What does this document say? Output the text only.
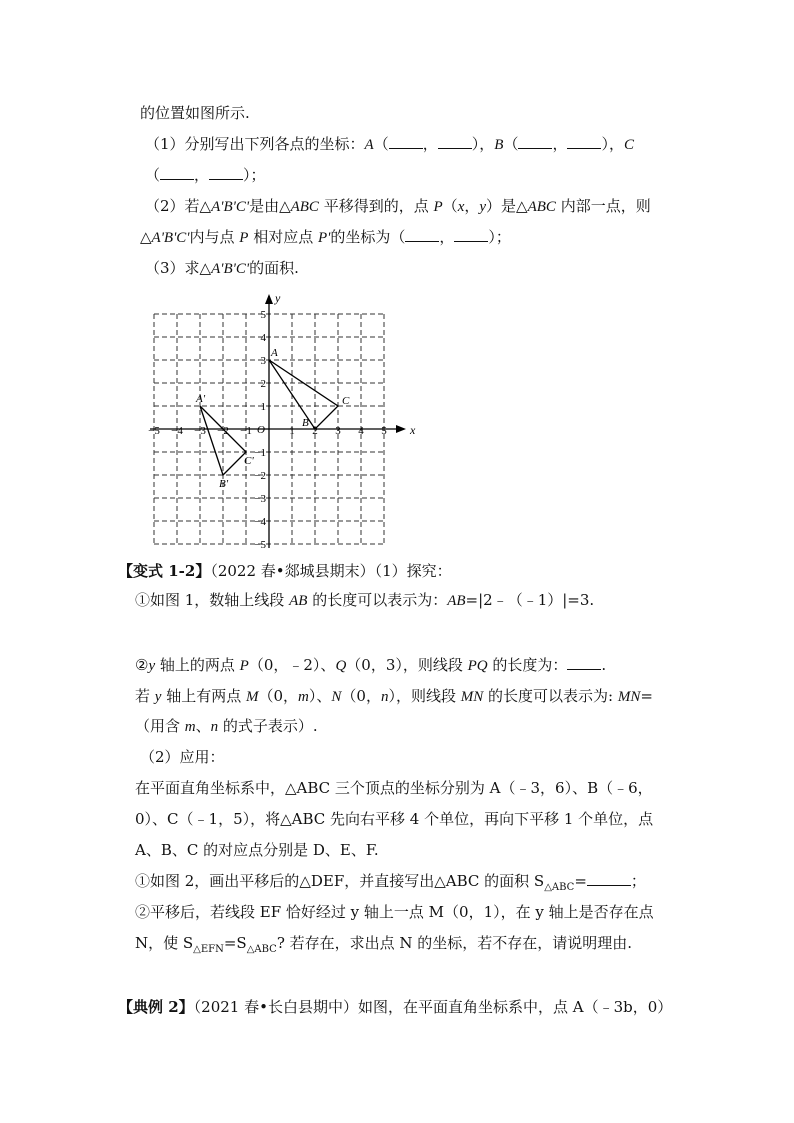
的位置如图所示.
（1）分别写出下列各点的坐标：A（ ， ），B（ ， ），C
（ ， ）；
（2）若△A'B'C'是由△ABC 平移得到的，点 P（x，y）是△ABC 内部一点，则
△A'B'C'内与点 P 相对应点 P'的坐标为（ ， ）；
（3）求△A'B'C'的面积.
x
y
−5 −4 −3 −2 −1	1 2 3 4 5
5
4
3
2
1
−1
−2
−3
−4
−5
O
A
B
C
A'
B'
C'
【变式 1-2】（2022 春•郯城县期末）（1）探究：
①如图 1，数轴上线段 AB 的长度可以表示为：AB=|2﹣（﹣1）|=3.
②y 轴上的两点 P（0，﹣2）、Q（0，3），则线段 PQ 的长度为： .
若 y 轴上有两点 M（0，m）、N（0，n），则线段 MN 的长度可以表示为: MN=
（用含 m、n 的式子表示）.
（2）应用：
在平面直角坐标系中，△ABC 三个顶点的坐标分别为 A（﹣3，6）、B（﹣6，
0）、C（﹣1，5），将△ABC 先向右平移 4 个单位，再向下平移 1 个单位，点
A、B、C 的对应点分别是 D、E、F.
①如图 2，画出平移后的△DEF，并直接写出△ABC 的面积 $S_{\triangle ABC}=$	；
②平移后，若线段 EF 恰好经过 y 轴上一点 M（0，1），在 y 轴上是否存在点
N，使 $S_{\triangle EFN}=S_{\triangle ABC}$? 若存在，求出点 N 的坐标，若不存在，请说明理由.
【典例 2】（2021 春•长白县期中）如图，在平面直角坐标系中，点 A（﹣3b，0）
